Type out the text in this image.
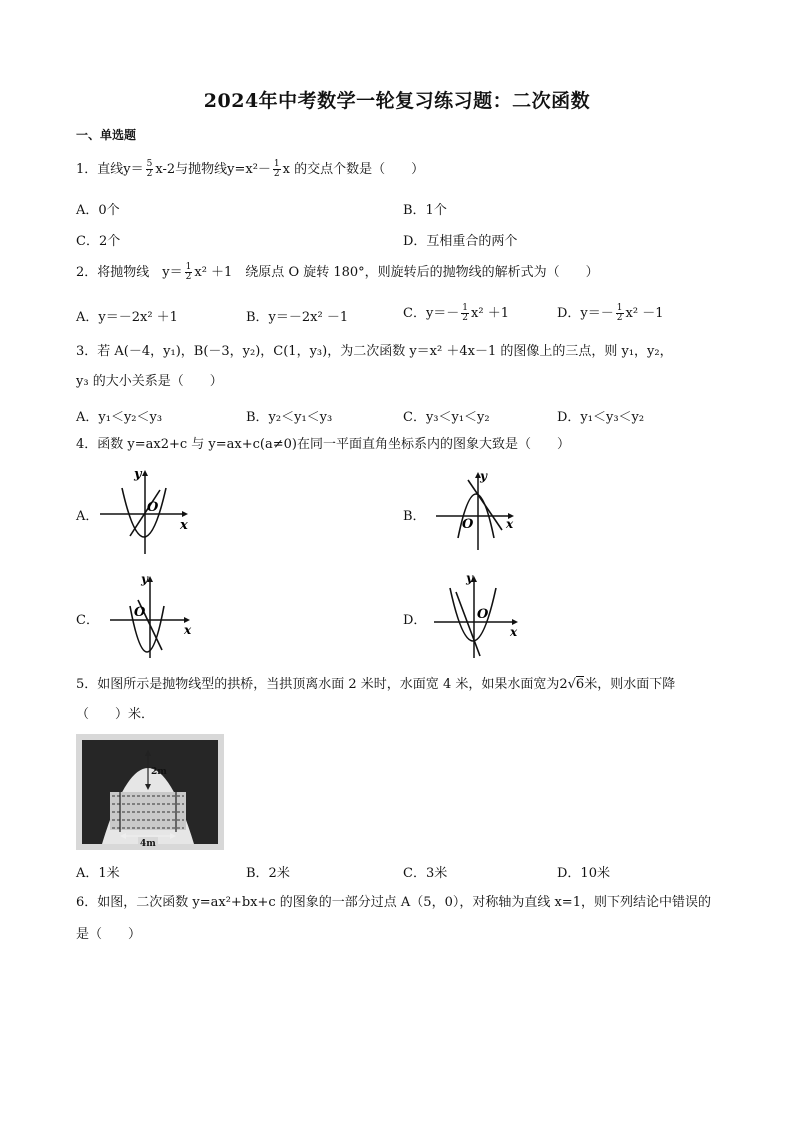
2024年中考数学一轮复习练习题：二次函数
一、单选题
1．直线$y= \frac{5}{2} x-2$与抛物线$y=x^2- \frac{1}{2}$ x 的交点个数是（　　）
A．0个	B．1个
C．2个	D．互相重合的两个
2．将抛物线　$y= \frac{1}{2} x^2 +1$　绕原点 O 旋转 180°，则旋转后的抛物线的解析式为（　　）
A．y＝－2x² ＋1	B．y＝－2x² －1	C．$y=- \frac{1}{2} x^2 +1$	D．$y=- \frac{1}{2} x^2 -1$
3．若 A(－4，y₁)，B(－3，y₂)，C(1，y₃)，为二次函数 y＝x² ＋4x－1 的图像上的三点，则 y₁，y₂，
y₃ 的大小关系是（　　）
A．y₁＜y₂＜y₃	B．y₂＜y₁＜y₃	C．y₃＜y₁＜y₂	D．y₁＜y₃＜y₂
4．函数 y=ax2+c 与 y=ax+c(a≠0)在同一平面直角坐标系内的图象大致是（　　）
A．
y
x
O
B．
y
x
O
C．
y
x
O
D．
y
x
O
5．如图所示是抛物线型的拱桥，当拱顶离水面 2 米时，水面宽 4 米，如果水面宽为2√6米，则水面下降
（　　）米．
2m
4m
A．1米	B．2米	C．3米	D．10米
6．如图，二次函数 y=ax²+bx+c 的图象的一部分过点 A（5，0），对称轴为直线 x=1，则下列结论中错误的
是（　　）
